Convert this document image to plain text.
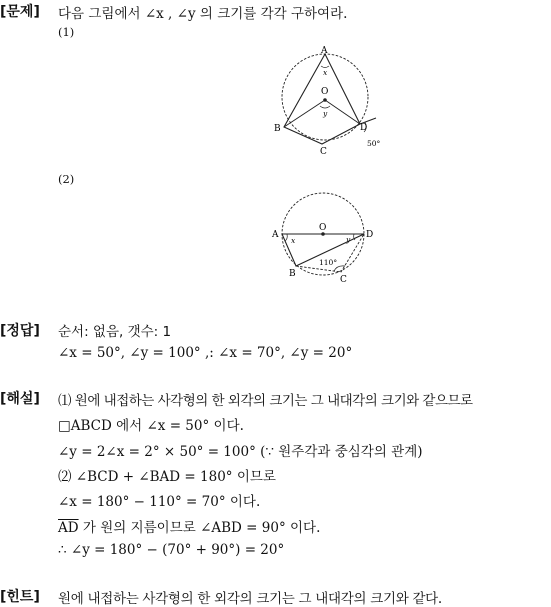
[문제] 다음 그림에서 ∠x , ∠y 의 크기를 각각 구하여라.
(1)
A
B
C
D
O
x
y
50°
(2)
A
B
C
D
O
x	y
110°
[정답] 순서: 없음, 갯수: 1
∠x = 50°, ∠y = 100° ,: ∠x = 70°, ∠y = 20°
[해설] ⑴ 원에 내접하는 사각형의 한 외각의 크기는 그 내대각의 크기와 같으므로
□ABCD 에서 ∠x = 50° 이다.
∠y = 2∠x = 2° × 50° = 100° (∵ 원주각과 중심각의 관계)
⑵ ∠BCD + ∠BAD = 180° 이므로
∠x = 180° − 110° = 70° 이다.
$\overline{AD}$ 가 원의 지름이므로 ∠ABD = 90° 이다.
∴ ∠y = 180° − (70° + 90°) = 20°
[힌트] 원에 내접하는 사각형의 한 외각의 크기는 그 내대각의 크기와 같다.
